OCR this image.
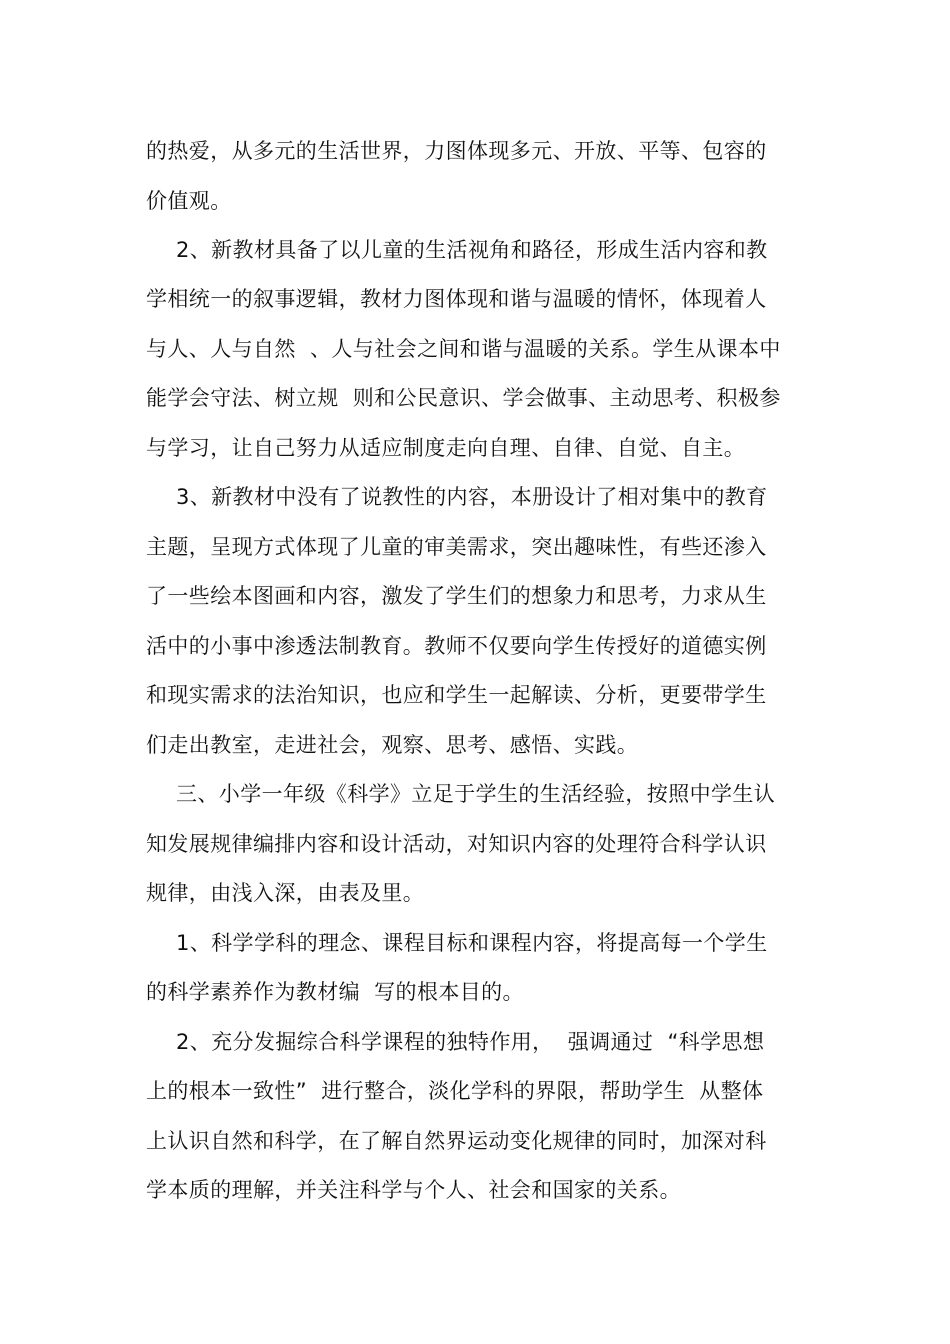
的热爱，从多元的生活世界，力图体现多元、开放、平等、包容的
价值观。
2、新教材具备了以儿童的生活视角和路径，形成生活内容和教
学相统一的叙事逻辑，教材力图体现和谐与温暖的情怀，体现着人
与人、人与自然  、人与社会之间和谐与温暖的关系。学生从课本中
能学会守法、树立规  则和公民意识、学会做事、主动思考、积极参
与学习，让自己努力从适应制度走向自理、自律、自觉、自主。
3、新教材中没有了说教性的内容，本册设计了相对集中的教育
主题，呈现方式体现了儿童的审美需求，突出趣味性，有些还渗入
了一些绘本图画和内容，激发了学生们的想象力和思考，力求从生
活中的小事中渗透法制教育。教师不仅要向学生传授好的道德实例
和现实需求的法治知识，也应和学生一起解读、分析，更要带学生
们走出教室，走进社会，观察、思考、感悟、实践。
三、小学一年级《科学》立足于学生的生活经验，按照中学生认
知发展规律编排内容和设计活动，对知识内容的处理符合科学认识
规律，由浅入深，由表及里。
1、科学学科的理念、课程目标和课程内容，将提高每一个学生
的科学素养作为教材编  写的根本目的。
2、充分发掘综合科学课程的独特作用，  强调通过  “科学思想
上的根本一致性”  进行整合，淡化学科的界限，帮助学生  从整体
上认识自然和科学，在了解自然界运动变化规律的同时，加深对科
学本质的理解，并关注科学与个人、社会和国家的关系。
